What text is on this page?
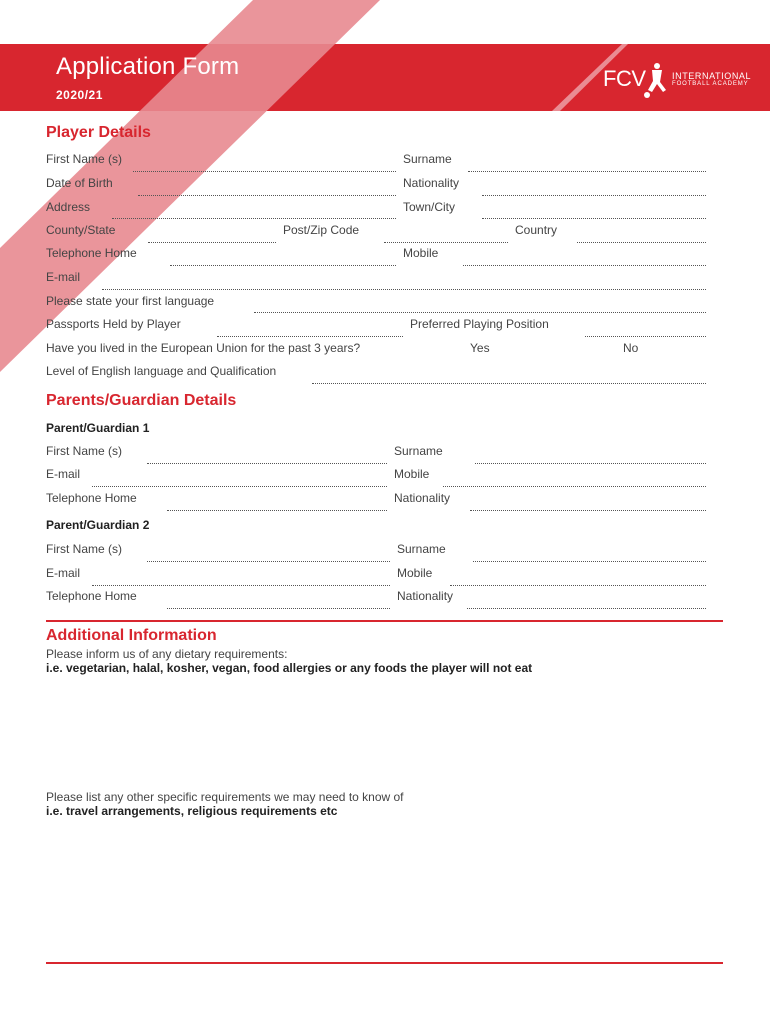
Application Form
2020/21
FCV	INTERNATIONAL
FOOTBALL ACADEMY
Player Details
First Name (s)	Surname
Date of Birth	Nationality
Address	Town/City
County/State	Post/Zip Code	Country
Telephone Home	Mobile
E-mail
Please state your first language
Passports Held by Player	Preferred Playing Position
Have you lived in the European Union for the past 3 years?	Yes	No
Level of English language and Qualification
Parents/Guardian Details
Parent/Guardian 1
First Name (s)	Surname
E-mail	Mobile
Telephone Home	Nationality
Parent/Guardian 2
First Name (s)	Surname
E-mail	Mobile
Telephone Home	Nationality
Additional Information
Please inform us of any dietary requirements:
i.e. vegetarian, halal, kosher, vegan, food allergies or any foods the player will not eat
Please list any other specific requirements we may need to know of
i.e. travel arrangements, religious requirements etc
